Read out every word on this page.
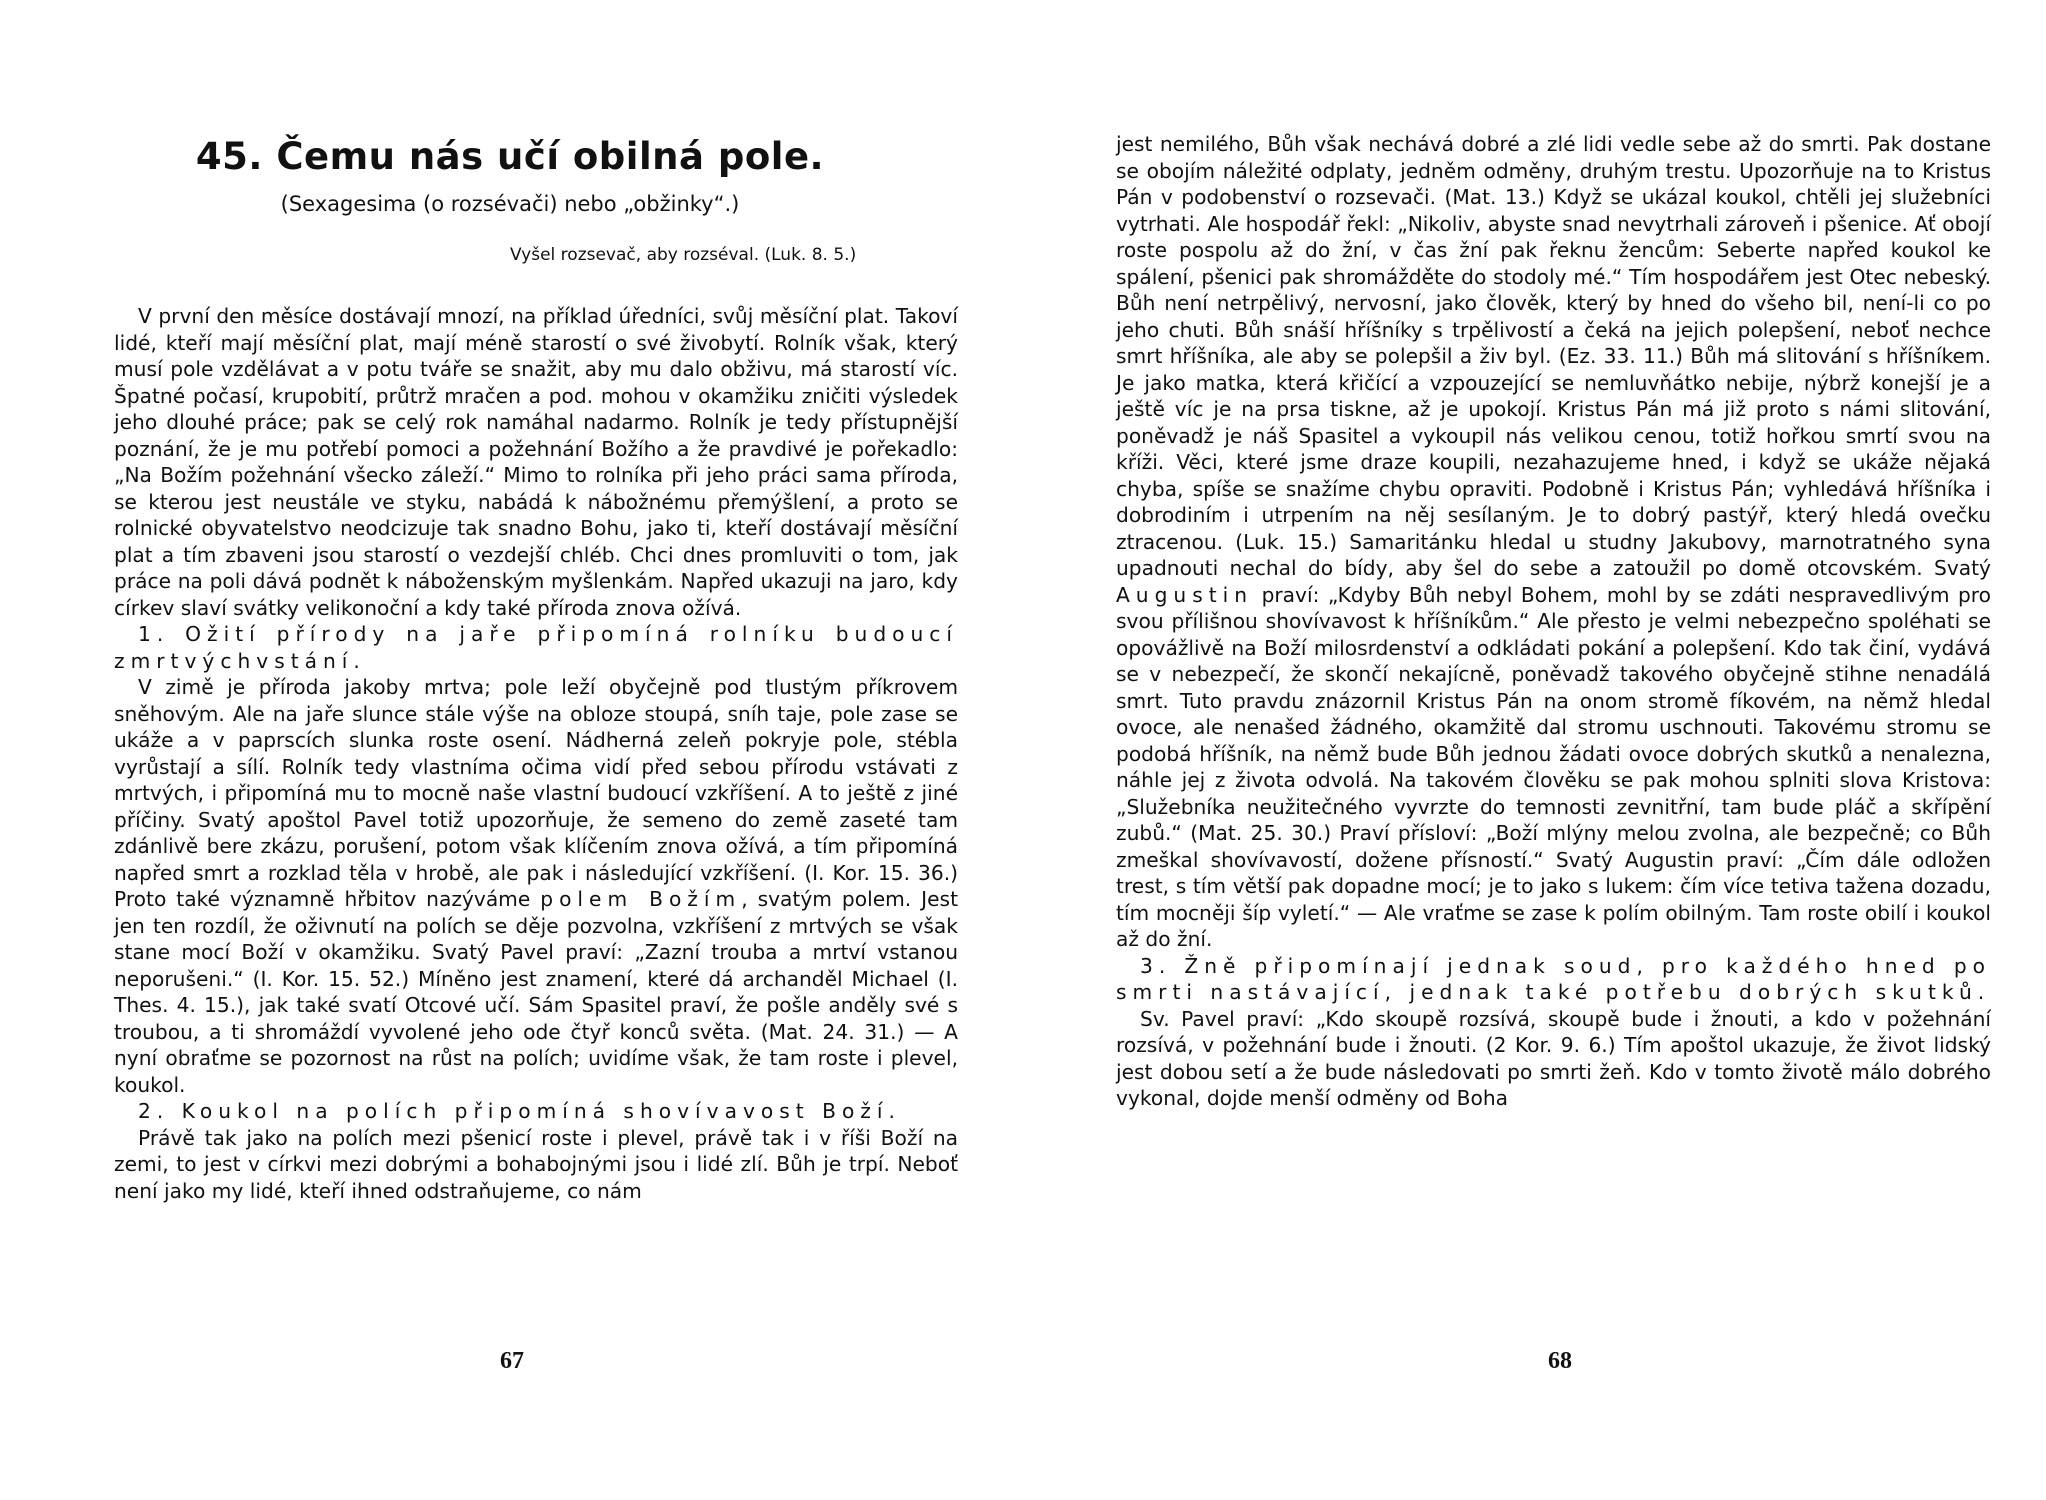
45. Čemu nás učí obilná pole.
(Sexagesima (o rozsévači) nebo „obžinky“.)
Vyšel rozsevač, aby rozséval. (Luk. 8. 5.)

V první den měsíce dostávají mnozí, na příklad úředníci, svůj měsíční plat. Takoví lidé, kteří mají měsíční plat, mají méně starostí o své živobytí. Rolník však, který musí pole vzdělávat a v potu tváře se snažit, aby mu dalo obživu, má starostí víc. Špatné počasí, krupobití, průtrž mračen a pod. mohou v okamžiku zničiti výsledek jeho dlouhé práce; pak se celý rok namáhal nadarmo. Rolník je tedy přístupnější poznání, že je mu potřebí pomoci a požehnání Božího a že pravdivé je pořekadlo: „Na Božím požehnání všecko záleží.“ Mimo to rolníka při jeho práci sama příroda, se kterou jest neustále ve styku, nabádá k nábožnému přemýšlení, a proto se rolnické obyvatelstvo neodcizuje tak snadno Bohu, jako ti, kteří dostávají měsíční plat a tím zbaveni jsou starostí o vezdejší chléb. Chci dnes promluviti o tom, jak práce na poli dává podnět k náboženským myšlenkám. Napřed ukazuji na jaro, kdy církev slaví svátky velikonoční a kdy také příroda znova ožívá.

1. Ožití přírody na jaře připomíná rolníku budoucí zmrtvýchvstání.

V zimě je příroda jakoby mrtva; pole leží obyčejně pod tlustým příkrovem sněhovým. Ale na jaře slunce stále výše na obloze stoupá, sníh taje, pole zase se ukáže a v paprscích slunka roste osení. Nádherná zeleň pokryje pole, stébla vyrůstají a sílí. Rolník tedy vlastníma očima vidí před sebou přírodu vstávati z mrtvých, i připomíná mu to mocně naše vlastní budoucí vzkříšení. A to ještě z jiné příčiny. Svatý apoštol Pavel totiž upozorňuje, že semeno do země zaseté tam zdánlivě bere zkázu, porušení, potom však klíčením znova ožívá, a tím připomíná napřed smrt a rozklad těla v hrobě, ale pak i následující vzkříšení. (I. Kor. 15. 36.) Proto také významně hřbitov nazýváme polem Božím, svatým polem. Jest jen ten rozdíl, že oživnutí na polích se děje pozvolna, vzkříšení z mrtvých se však stane mocí Boží v okamžiku. Svatý Pavel praví: „Zazní trouba a mrtví vstanou neporušeni.“ (I. Kor. 15. 52.) Míněno jest znamení, které dá archanděl Michael (I. Thes. 4. 15.), jak také svatí Otcové učí. Sám Spasitel praví, že pošle anděly své s troubou, a ti shromáždí vyvolené jeho ode čtyř konců světa. (Mat. 24. 31.) — A nyní obraťme se pozornost na růst na polích; uvidíme však, že tam roste i plevel, koukol.

2. Koukol na polích připomíná shovívavost Boží.

Právě tak jako na polích mezi pšenicí roste i plevel, právě tak i v říši Boží na zemi, to jest v církvi mezi dobrými a bohabojnými jsou i lidé zlí. Bůh je trpí. Neboť není jako my lidé, kteří ihned odstraňujeme, co nám

67

jest nemilého, Bůh však nechává dobré a zlé lidi vedle sebe až do smrti. Pak dostane se obojím náležité odplaty, jedněm odměny, druhým trestu. Upozorňuje na to Kristus Pán v podobenství o rozsevači. (Mat. 13.) Když se ukázal koukol, chtěli jej služebníci vytrhati. Ale hospodář řekl: „Nikoliv, abyste snad nevytrhali zároveň i pšenice. Ať obojí roste pospolu až do žní, v čas žní pak řeknu žencům: Seberte napřed koukol ke spálení, pšenici pak shromážděte do stodoly mé.“ Tím hospodářem jest Otec nebeský. Bůh není netrpělivý, nervosní, jako člověk, který by hned do všeho bil, není-li co po jeho chuti. Bůh snáší hříšníky s trpělivostí a čeká na jejich polepšení, neboť nechce smrt hříšníka, ale aby se polepšil a živ byl. (Ez. 33. 11.) Bůh má slitování s hříšníkem. Je jako matka, která křičící a vzpouzející se nemluvňátko nebije, nýbrž konejší je a ještě víc je na prsa tiskne, až je upokojí. Kristus Pán má již proto s námi slitování, poněvadž je náš Spasitel a vykoupil nás velikou cenou, totiž hořkou smrtí svou na kříži. Věci, které jsme draze koupili, nezahazujeme hned, i když se ukáže nějaká chyba, spíše se snažíme chybu opraviti. Podobně i Kristus Pán; vyhledává hříšníka i dobrodiním i utrpením na něj sesílaným. Je to dobrý pastýř, který hledá ovečku ztracenou. (Luk. 15.) Samaritánku hledal u studny Jakubovy, marnotratného syna upadnouti nechal do bídy, aby šel do sebe a zatoužil po domě otcovském. Svatý Augustin praví: „Kdyby Bůh nebyl Bohem, mohl by se zdáti nespravedlivým pro svou přílišnou shovívavost k hříšníkům.“ Ale přesto je velmi nebezpečno spoléhati se opovážlivě na Boží milosrdenství a odkládati pokání a polepšení. Kdo tak činí, vydává se v nebezpečí, že skončí nekajícně, poněvadž takového obyčejně stihne nenadálá smrt. Tuto pravdu znázornil Kristus Pán na onom stromě fíkovém, na němž hledal ovoce, ale nenašed žádného, okamžitě dal stromu uschnouti. Takovému stromu se podobá hříšník, na němž bude Bůh jednou žádati ovoce dobrých skutků a nenalezna, náhle jej z života odvolá. Na takovém člověku se pak mohou splniti slova Kristova: „Služebníka neužitečného vyvrzte do temnosti zevnitřní, tam bude pláč a skřípění zubů.“ (Mat. 25. 30.) Praví přísloví: „Boží mlýny melou zvolna, ale bezpečně; co Bůh zmeškal shovívavostí, dožene přísností.“ Svatý Augustin praví: „Čím dále odložen trest, s tím větší pak dopadne mocí; je to jako s lukem: čím více tetiva tažena dozadu, tím mocněji šíp vyletí.“ — Ale vraťme se zase k polím obilným. Tam roste obilí i koukol až do žní.

3. Žně připomínají jednak soud, pro každého hned po smrti nastávající, jednak také potřebu dobrých skutků.

Sv. Pavel praví: „Kdo skoupě rozsívá, skoupě bude i žnouti, a kdo v požehnání rozsívá, v požehnání bude i žnouti. (2 Kor. 9. 6.) Tím apoštol ukazuje, že život lidský jest dobou setí a že bude následovati po smrti žeň. Kdo v tomto životě málo dobrého vykonal, dojde menší odměny od Boha

68
